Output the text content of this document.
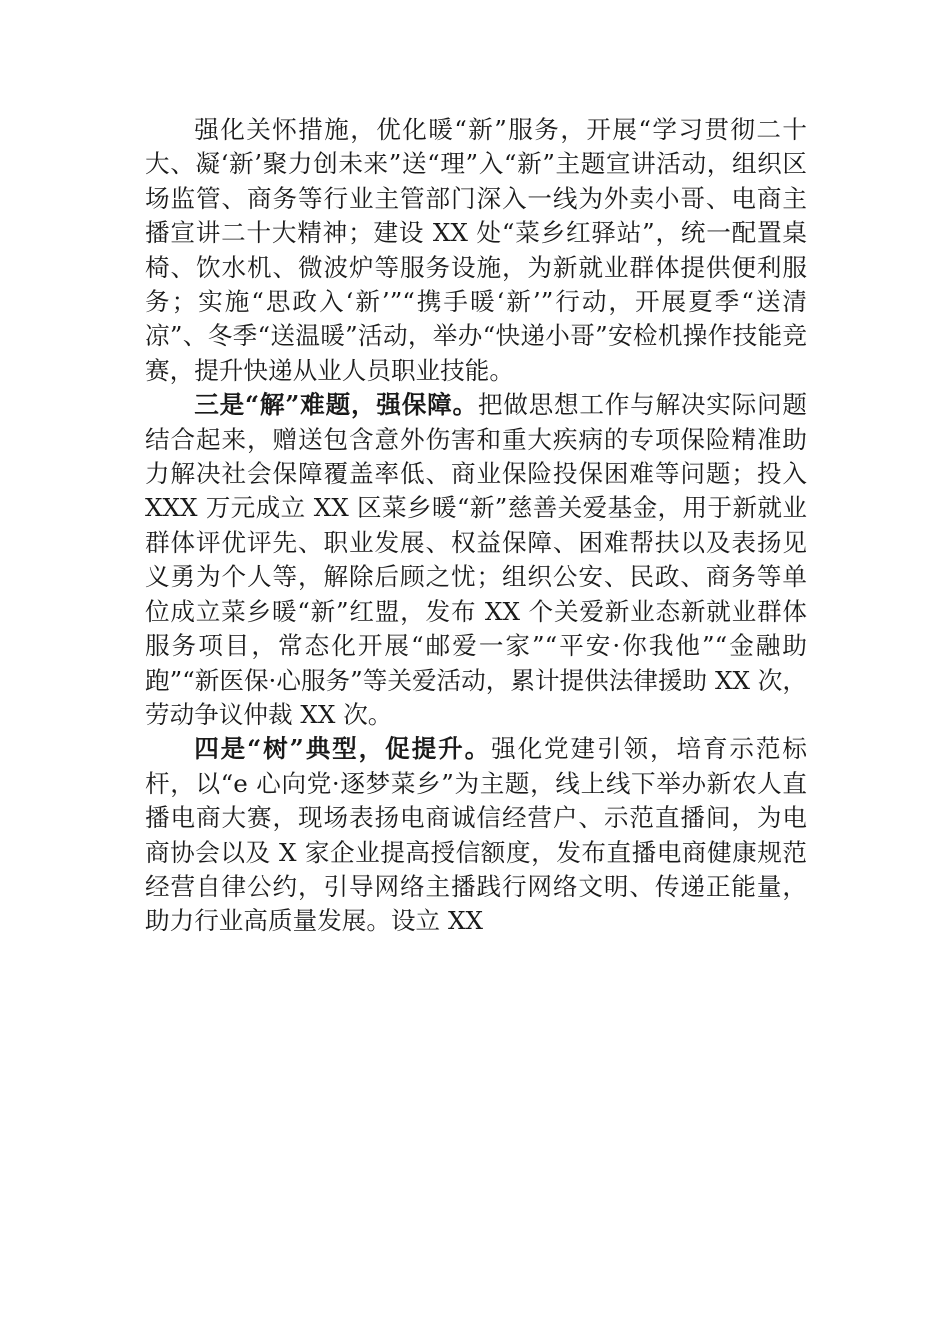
强化关怀措施，优化暖“新”服务，开展“学习贯彻二十大、凝‘新’聚力创未来”送“理”入“新”主题宣讲活动，组织区场监管、商务等行业主管部门深入一线为外卖小哥、电商主播宣讲二十大精神；建设 XX 处“菜乡红驿站”，统一配置桌椅、饮水机、微波炉等服务设施，为新就业群体提供便利服务；实施“思政入‘新’”“携手暖‘新’”行动，开展夏季“送清凉”、冬季“送温暖”活动，举办“快递小哥”安检机操作技能竞赛，提升快递从业人员职业技能。

三是“解”难题，强保障。把做思想工作与解决实际问题结合起来，赠送包含意外伤害和重大疾病的专项保险精准助力解决社会保障覆盖率低、商业保险投保困难等问题；投入 XXX 万元成立 XX 区菜乡暖“新”慈善关爱基金，用于新就业群体评优评先、职业发展、权益保障、困难帮扶以及表扬见义勇为个人等，解除后顾之忧；组织公安、民政、商务等单位成立菜乡暖“新”红盟，发布 XX 个关爱新业态新就业群体服务项目，常态化开展“邮爱一家”“平安·你我他”“金融助跑”“新医保·心服务”等关爱活动，累计提供法律援助 XX 次，劳动争议仲裁 XX 次。

四是“树”典型，促提升。强化党建引领，培育示范标杆，以“e 心向党·逐梦菜乡”为主题，线上线下举办新农人直播电商大赛，现场表扬电商诚信经营户、示范直播间，为电商协会以及 X 家企业提高授信额度，发布直播电商健康规范经营自律公约，引导网络主播践行网络文明、传递正能量，助力行业高质量发展。设立 XX
